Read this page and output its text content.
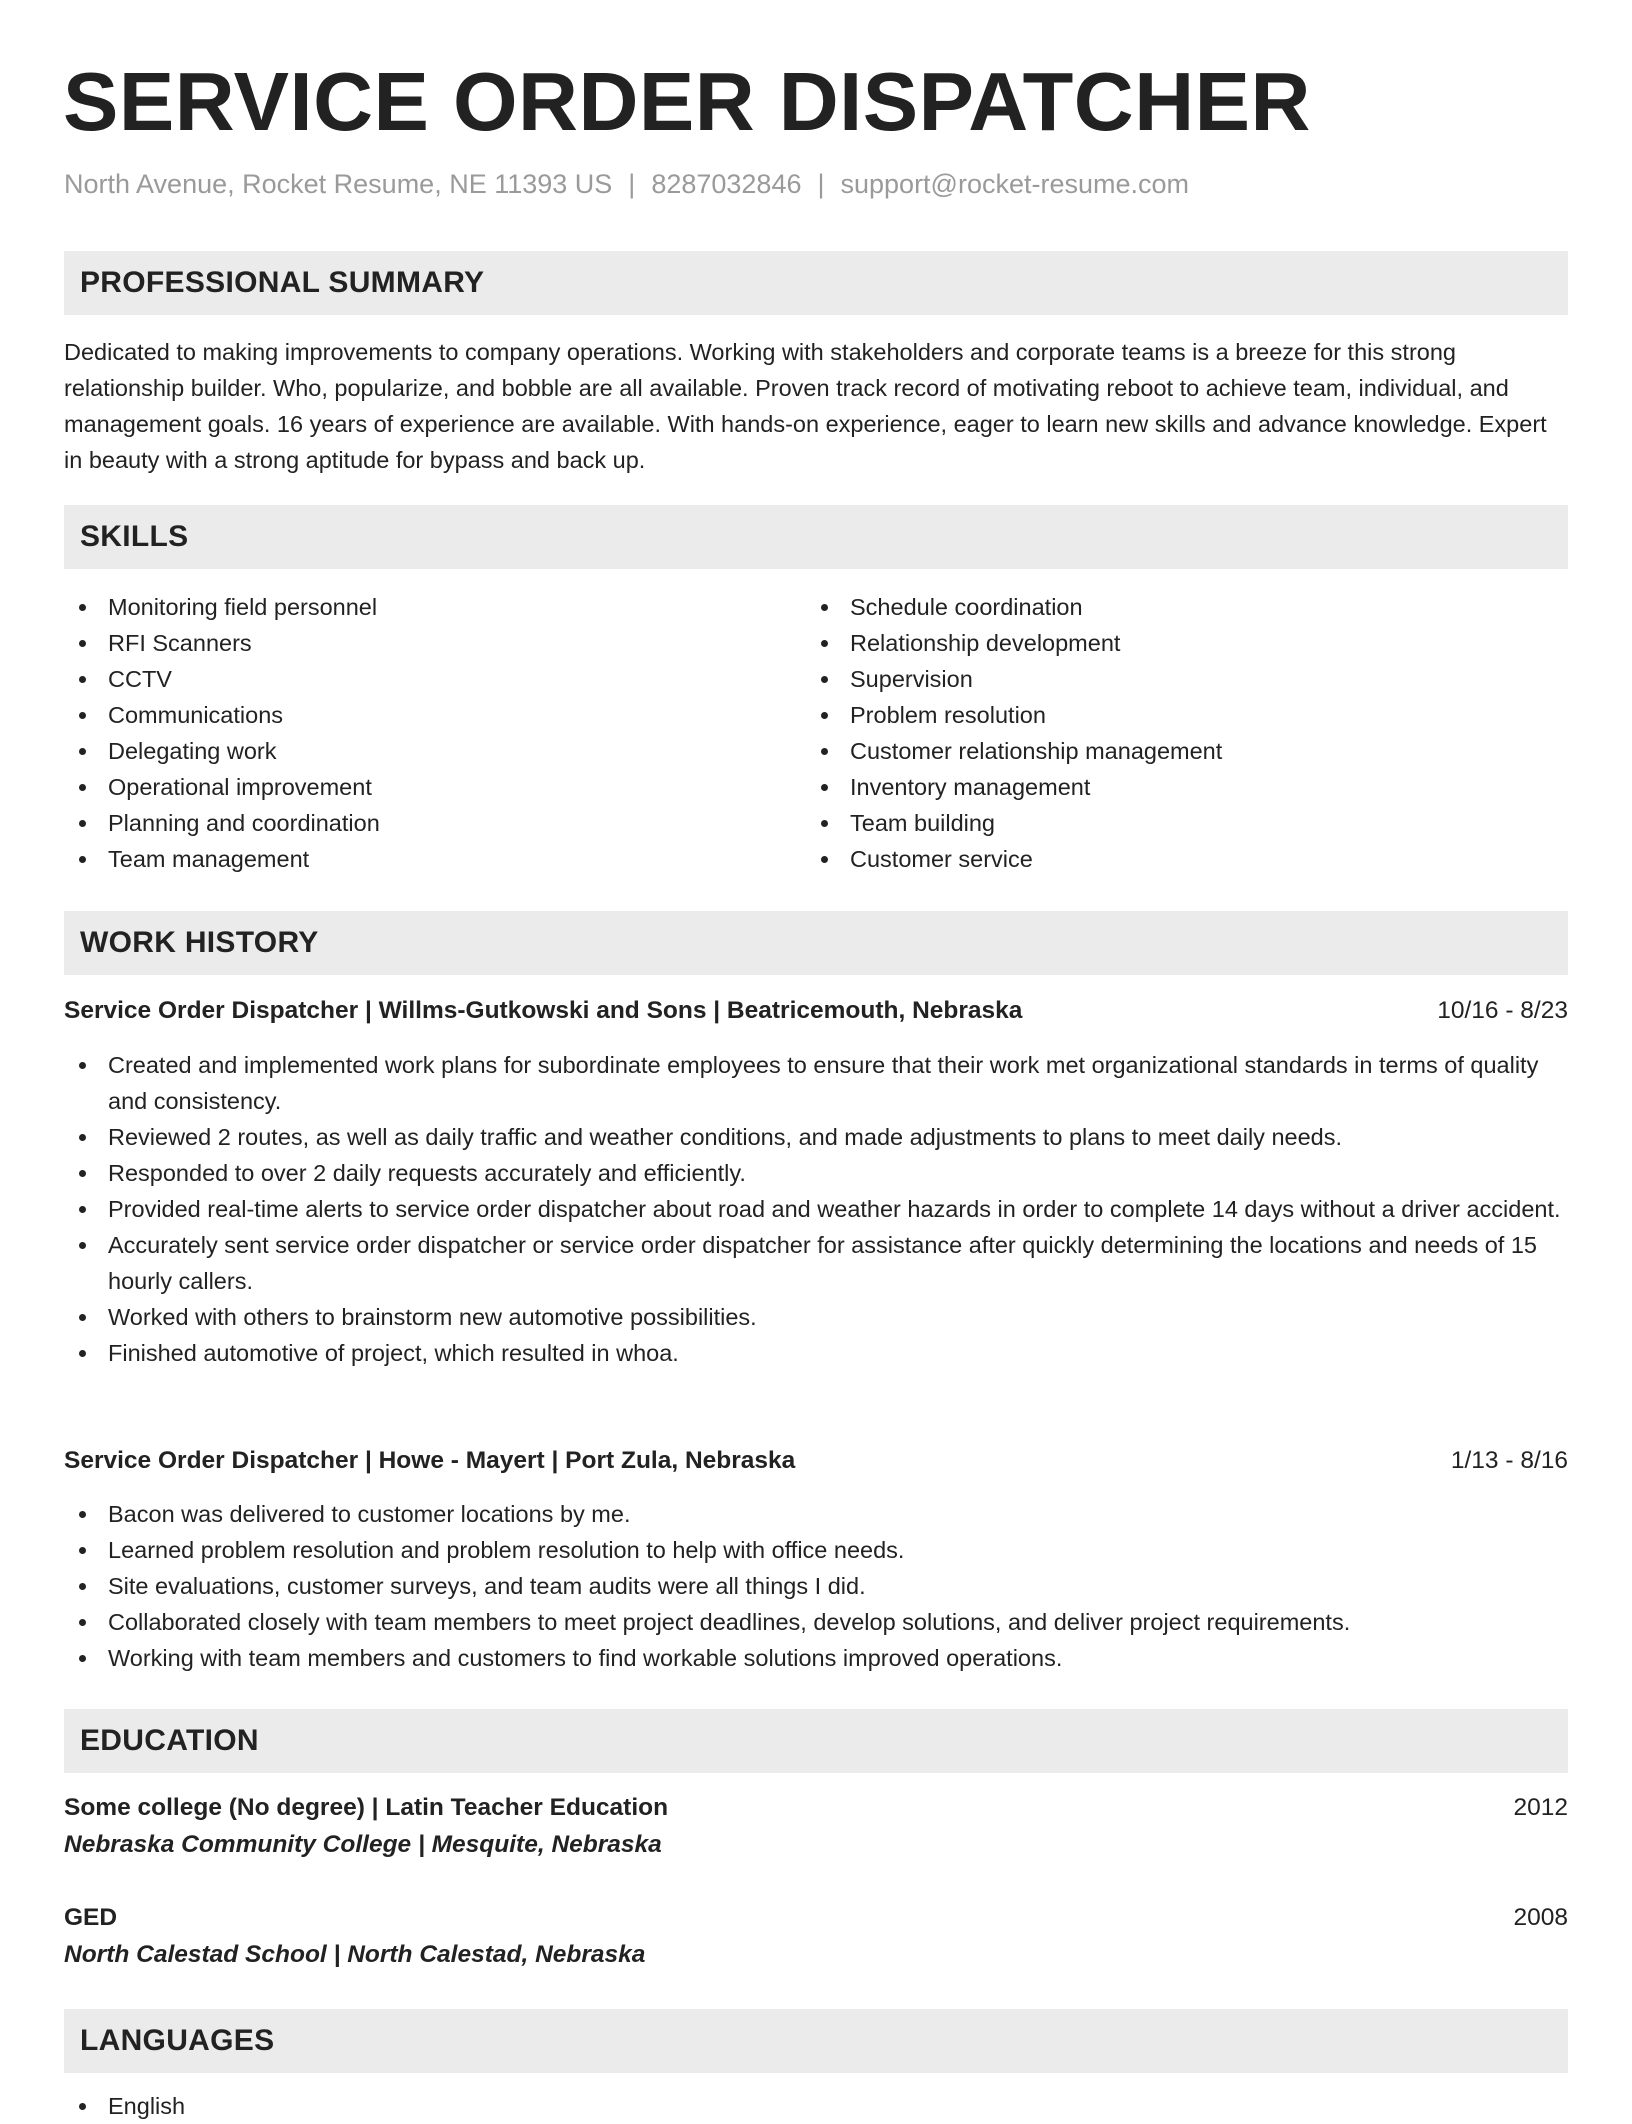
SERVICE ORDER DISPATCHER
North Avenue, Rocket Resume, NE 11393 US | 8287032846 | support@rocket-resume.com
PROFESSIONAL SUMMARY

Dedicated to making improvements to company operations. Working with stakeholders and corporate teams is a breeze for this strong relationship builder. Who, popularize, and bobble are all available. Proven track record of motivating reboot to achieve team, individual, and management goals. 16 years of experience are available. With hands-on experience, eager to learn new skills and advance knowledge. Expert in beauty with a strong aptitude for bypass and back up.

SKILLS
Monitoring field personnel
RFI Scanners
CCTV
Communications
Delegating work
Operational improvement
Planning and coordination
Team management
Schedule coordination
Relationship development
Supervision
Problem resolution
Customer relationship management
Inventory management
Team building
Customer service
WORK HISTORY
Service Order Dispatcher | Willms-Gutkowski and Sons | Beatricemouth, Nebraska	10/16 - 8/23
Created and implemented work plans for subordinate employees to ensure that their work met organizational standards in terms of quality and consistency.
Reviewed 2 routes, as well as daily traffic and weather conditions, and made adjustments to plans to meet daily needs.
Responded to over 2 daily requests accurately and efficiently.
Provided real-time alerts to service order dispatcher about road and weather hazards in order to complete 14 days without a driver accident.
Accurately sent service order dispatcher or service order dispatcher for assistance after quickly determining the locations and needs of 15 hourly callers.
Worked with others to brainstorm new automotive possibilities.
Finished automotive of project, which resulted in whoa.
Service Order Dispatcher | Howe - Mayert | Port Zula, Nebraska	1/13 - 8/16
Bacon was delivered to customer locations by me.
Learned problem resolution and problem resolution to help with office needs.
Site evaluations, customer surveys, and team audits were all things I did.
Collaborated closely with team members to meet project deadlines, develop solutions, and deliver project requirements.
Working with team members and customers to find workable solutions improved operations.
EDUCATION
Some college (No degree) | Latin Teacher Education	2012
Nebraska Community College | Mesquite, Nebraska
GED	2008
North Calestad School | North Calestad, Nebraska
LANGUAGES
English
